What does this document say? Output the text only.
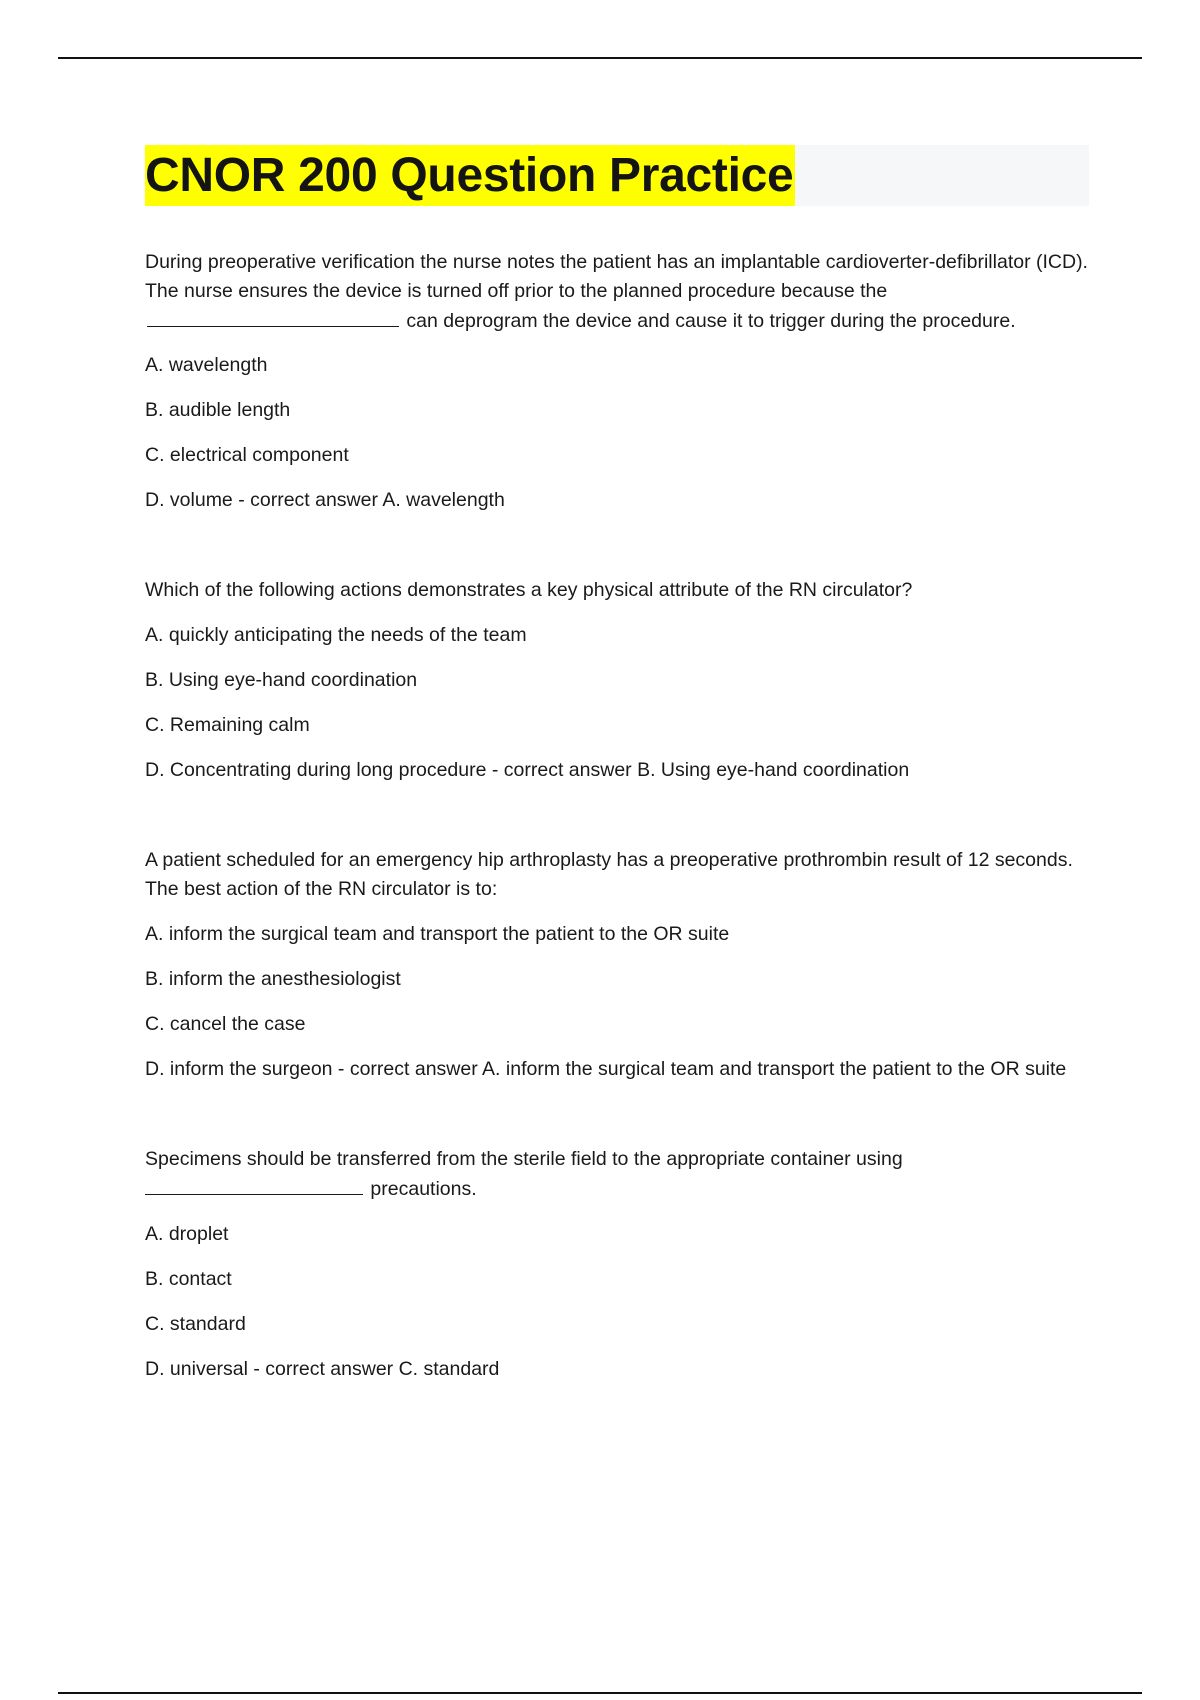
CNOR 200 Question Practice

During preoperative verification the nurse notes the patient has an implantable cardioverter-defibrillator (ICD). The nurse ensures the device is turned off prior to the planned procedure because the  can deprogram the device and cause it to trigger during the procedure.

A. wavelength

B. audible length

C. electrical component

D. volume - correct answer A. wavelength

Which of the following actions demonstrates a key physical attribute of the RN circulator?

A. quickly anticipating the needs of the team

B. Using eye-hand coordination

C. Remaining calm

D. Concentrating during long procedure - correct answer B. Using eye-hand coordination

A patient scheduled for an emergency hip arthroplasty has a preoperative prothrombin result of 12 seconds. The best action of the RN circulator is to:

A. inform the surgical team and transport the patient to the OR suite

B. inform the anesthesiologist

C. cancel the case

D. inform the surgeon - correct answer A. inform the surgical team and transport the patient to the OR suite

Specimens should be transferred from the sterile field to the appropriate container using
precautions.

A. droplet

B. contact

C. standard

D. universal - correct answer C. standard
